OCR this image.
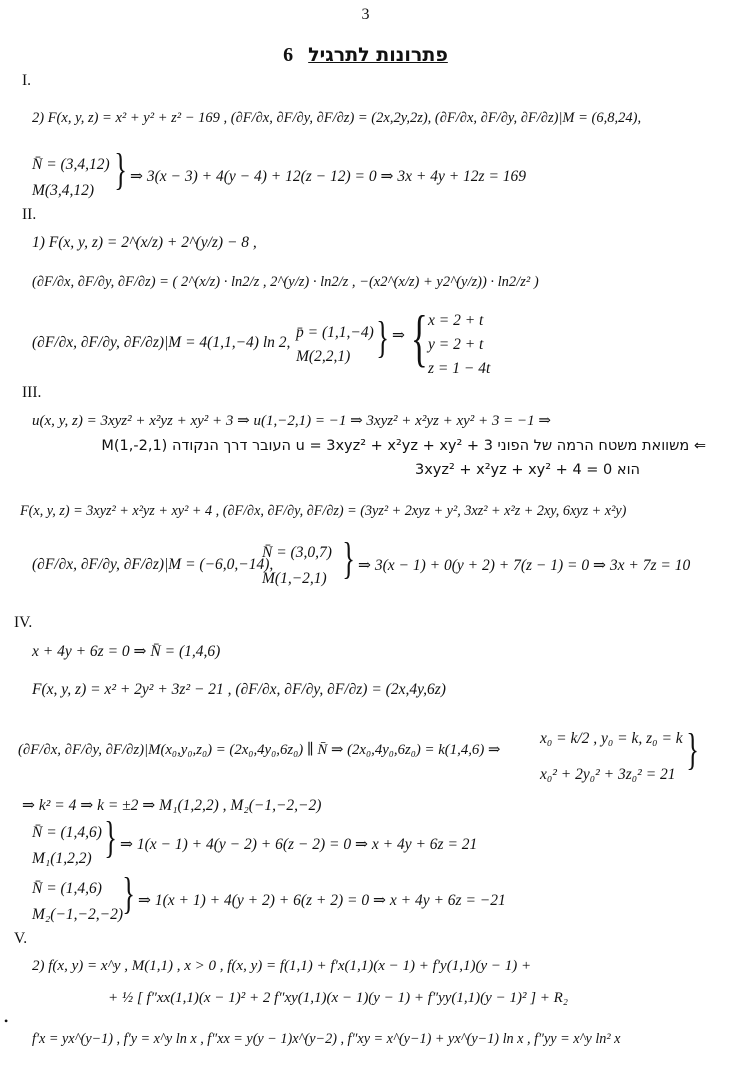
3
6 פתרונות לתרגיל
I.
2) F(x, y, z) = x² + y² + z² − 169 , (∂F/∂x, ∂F/∂y, ∂F/∂z) = (2x,2y,2z), (∂F/∂x, ∂F/∂y, ∂F/∂z)|M = (6,8,24),
N̄ = (3,4,12)
M(3,4,12) } ⇒ 3(x − 3) + 4(y − 4) + 12(z − 12) = 0 ⇒ 3x + 4y + 12z = 169
II.
1) F(x, y, z) = 2^(x/z) + 2^(y/z) − 8 ,
(∂F/∂x, ∂F/∂y, ∂F/∂z) = ( 2^(x/z) · ln2/z , 2^(y/z) · ln2/z , −(x2^(x/z) + y2^(y/z)) · ln2/z² )
(∂F/∂x, ∂F/∂y, ∂F/∂z)|M = 4(1,1,−4) ln 2,
p̄ = (1,1,−4)
M(2,2,1) } ⇒ { x = 2 + t
y = 2 + t
z = 1 − 4t
III.
u(x, y, z) = 3xyz² + x²yz + xy² + 3 ⇒ u(1,−2,1) = −1 ⇒ 3xyz² + x²yz + xy² + 3 = −1 ⇒
⇐ משוואת משטח הרמה של הפוני u = 3xyz² + x²yz + xy² + 3 העובר דרך הנקודה M(1,-2,1)
הוא 3xyz² + x²yz + xy² + 4 = 0
F(x, y, z) = 3xyz² + x²yz + xy² + 4 , (∂F/∂x, ∂F/∂y, ∂F/∂z) = (3yz² + 2xyz + y², 3xz² + x²z + 2xy, 6xyz + x²y)
(∂F/∂x, ∂F/∂y, ∂F/∂z)|M = (−6,0,−14),
N̄ = (3,0,7)
M(1,−2,1) } ⇒ 3(x − 1) + 0(y + 2) + 7(z − 1) = 0 ⇒ 3x + 7z = 10
IV.
x + 4y + 6z = 0 ⇒ N̄ = (1,4,6)
F(x, y, z) = x² + 2y² + 3z² − 21 , (∂F/∂x, ∂F/∂y, ∂F/∂z) = (2x,4y,6z)
(∂F/∂x, ∂F/∂y, ∂F/∂z)|M(x₀,y₀,z₀) = (2x₀,4y₀,6z₀) ∥ N̄ ⇒ (2x₀,4y₀,6z₀) = k(1,4,6) ⇒
x₀ = k/2 , y₀ = k, z₀ = k
x₀² + 2y₀² + 3z₀² = 21
}
⇒ k² = 4 ⇒ k = ±2 ⇒ M₁(1,2,2) , M₂(−1,−2,−2)
N̄ = (1,4,6)
M₁(1,2,2) } ⇒ 1(x − 1) + 4(y − 2) + 6(z − 2) = 0 ⇒ x + 4y + 6z = 21
N̄ = (1,4,6)
M₂(−1,−2,−2) } ⇒ 1(x + 1) + 4(y + 2) + 6(z + 2) = 0 ⇒ x + 4y + 6z = −21
V.
2) f(x, y) = x^y , M(1,1) , x > 0 , f(x, y) = f(1,1) + f′x(1,1)(x − 1) + f′y(1,1)(y − 1) +
+ ½ [ f″xx(1,1)(x − 1)² + 2 f″xy(1,1)(x − 1)(y − 1) + f″yy(1,1)(y − 1)² ] + R₂
f′x = yx^(y−1) , f′y = x^y ln x , f″xx = y(y − 1)x^(y−2) , f″xy = x^(y−1) + yx^(y−1) ln x , f″yy = x^y ln² x
•
